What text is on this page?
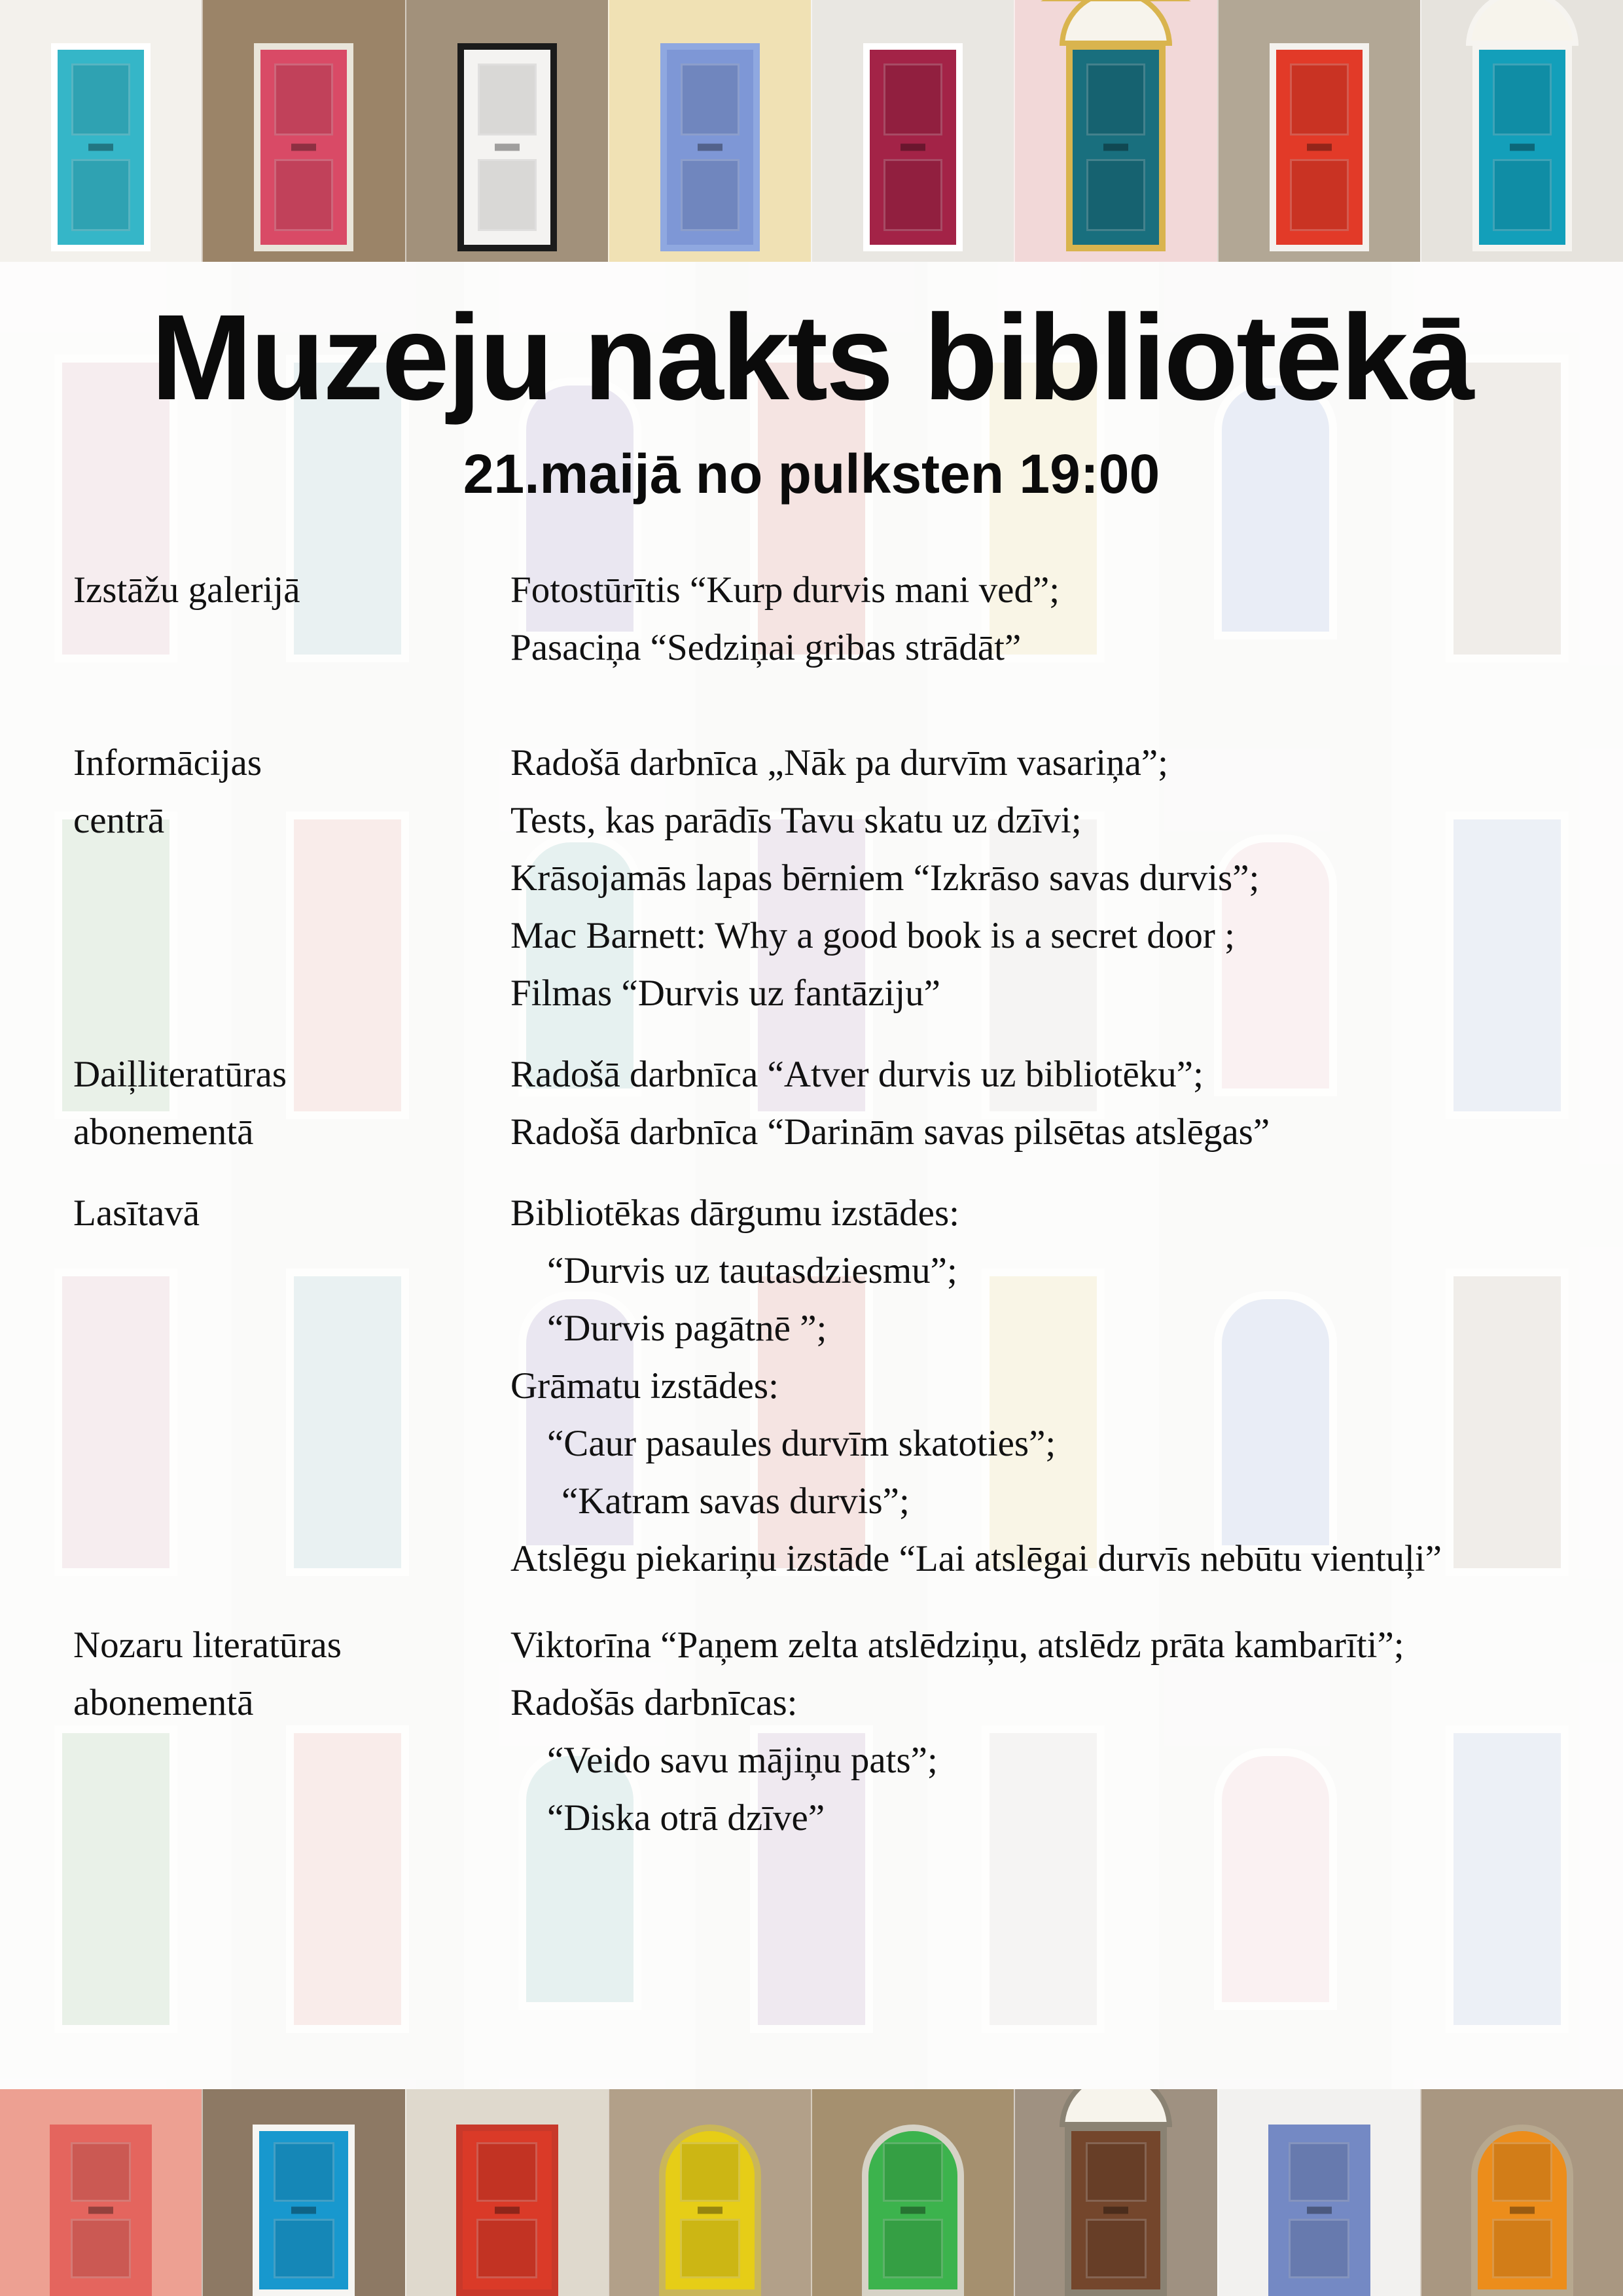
Muzeju nakts bibliotēkā

21.maijā no pulksten 19:00

Izstāžu galerijā	Fotostūrītis “Kurp durvis mani ved”;
Pasaciņa “Sedziņai gribas strādāt”
Informācijas centrā
Radošā darbnīca „Nāk pa durvīm vasariņa”;
Tests, kas parādīs Tavu skatu uz dzīvi;
Krāsojamās lapas bērniem “Izkrāso savas durvis”;
Mac Barnett: Why a good book is a secret door ;
Filmas “Durvis uz fantāziju”
Daiļliteratūras abonementā
Radošā darbnīca “Atver durvis uz bibliotēku”;
Radošā darbnīca “Darinām savas pilsētas atslēgas”
Lasītavā	Bibliotēkas dārgumu izstādes:
“Durvis uz tautasdziesmu”;
“Durvis pagātnē ”;
Grāmatu izstādes:
“Caur pasaules durvīm skatoties”;
“Katram savas durvis”;
Atslēgu piekariņu izstāde “Lai atslēgai durvīs nebūtu vientuļi”
Nozaru literatūras abonementā
Viktorīna “Paņem zelta atslēdziņu, atslēdz prāta kambarīti”;
Radošās darbnīcas:
“Veido savu mājiņu pats”;
“Diska otrā dzīve”
